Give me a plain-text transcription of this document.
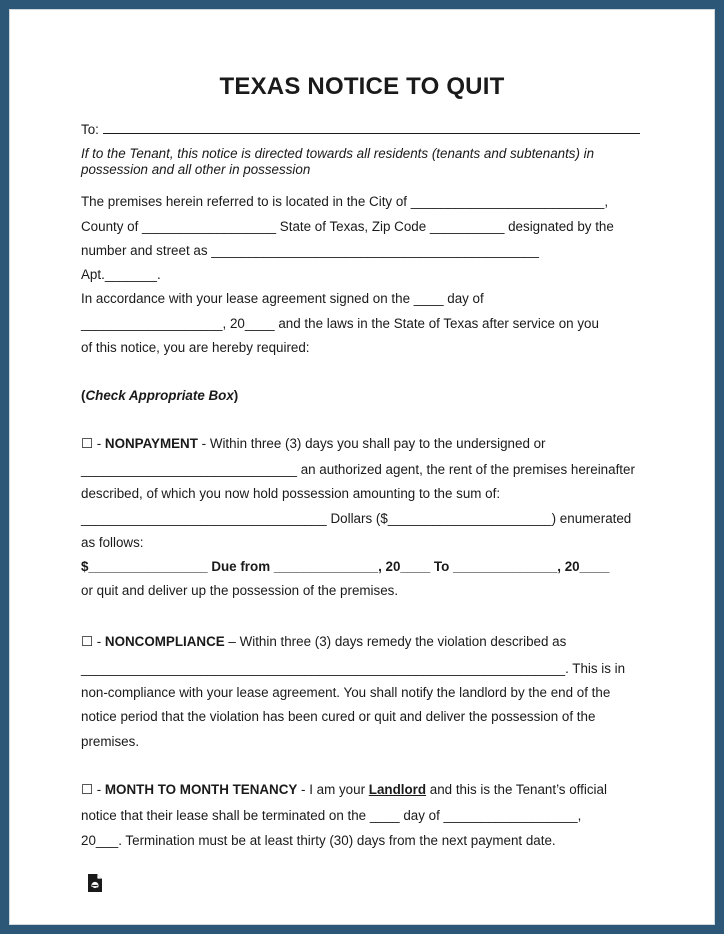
TEXAS NOTICE TO QUIT
To:
If to the Tenant, this notice is directed towards all residents (tenants and subtenants) in
possession and all other in possession
The premises herein referred to is located in the City of __________________________,
County of __________________ State of Texas, Zip Code __________ designated by the
number and street as ____________________________________________
Apt._______.
In accordance with your lease agreement signed on the ____ day of
___________________, 20____ and the laws in the State of Texas after service on you
of this notice, you are hereby required:
(Check Appropriate Box)
☐ - NONPAYMENT - Within three (3) days you shall pay to the undersigned or
_____________________________ an authorized agent, the rent of the premises hereinafter
described, of which you now hold possession amounting to the sum of:
_________________________________ Dollars ($______________________) enumerated
as follows:
$________________ Due from ______________, 20____ To ______________, 20____
or quit and deliver up the possession of the premises.
☐ - NONCOMPLIANCE – Within three (3) days remedy the violation described as
_________________________________________________________________. This is in
non-compliance with your lease agreement. You shall notify the landlord by the end of the
notice period that the violation has been cured or quit and deliver the possession of the
premises.
☐ - MONTH TO MONTH TENANCY - I am your Landlord and this is the Tenant’s official
notice that their lease shall be terminated on the ____ day of __________________,
20___. Termination must be at least thirty (30) days from the next payment date.
